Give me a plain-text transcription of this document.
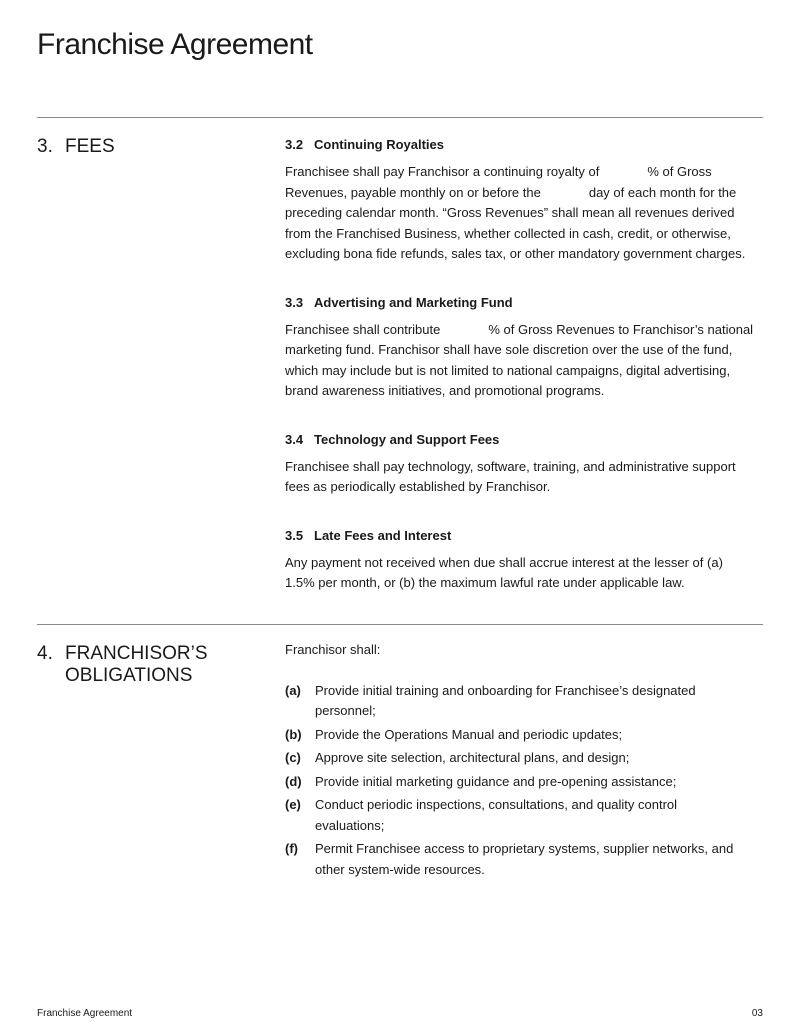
Franchise Agreement
3. FEES	3.2 Continuing Royalties
Franchisee shall pay Franchisor a continuing royalty of	% of Gross
Revenues, payable monthly on or before the	day of each month for the
preceding calendar month. “Gross Revenues” shall mean all revenues derived
from the Franchised Business, whether collected in cash, credit, or otherwise,
excluding bona fide refunds, sales tax, or other mandatory government charges.
3.3 Advertising and Marketing Fund
Franchisee shall contribute	% of Gross Revenues to Franchisor’s national
marketing fund. Franchisor shall have sole discretion over the use of the fund,
which may include but is not limited to national campaigns, digital advertising,
brand awareness initiatives, and promotional programs.
3.4 Technology and Support Fees
Franchisee shall pay technology, software, training, and administrative support
fees as periodically established by Franchisor.
3.5 Late Fees and Interest
Any payment not received when due shall accrue interest at the lesser of (a)
1.5% per month, or (b) the maximum lawful rate under applicable law.
4. FRANCHISOR’S
OBLIGATIONS
Franchisor shall:
(a)	Provide initial training and onboarding for Franchisee’s designated
personnel;
(b)	Provide the Operations Manual and periodic updates;
(c)	Approve site selection, architectural plans, and design;
(d)	Provide initial marketing guidance and pre-opening assistance;
(e)	Conduct periodic inspections, consultations, and quality control
evaluations;
(f)	Permit Franchisee access to proprietary systems, supplier networks, and
other system-wide resources.
Franchise Agreement	03
